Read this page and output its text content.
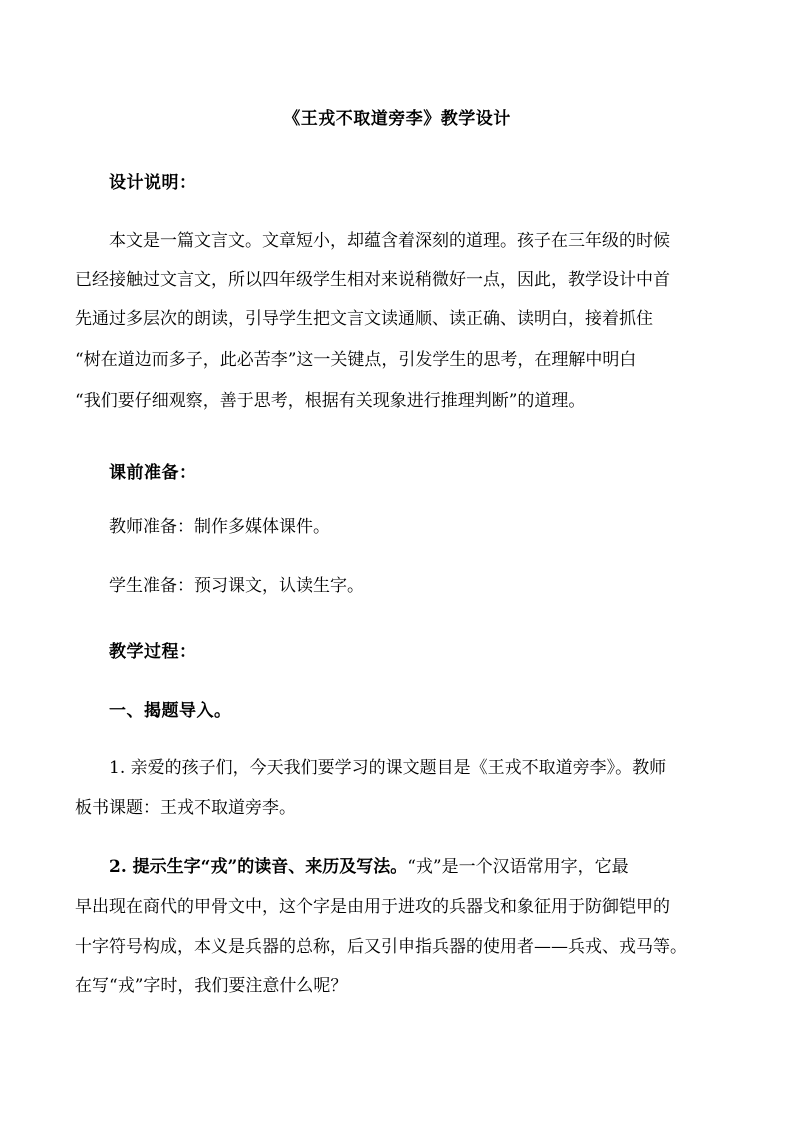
《王戎不取道旁李》教学设计
设计说明：
本文是一篇文言文。文章短小，却蕴含着深刻的道理。孩子在三年级的时候
已经接触过文言文，所以四年级学生相对来说稍微好一点，因此，教学设计中首
先通过多层次的朗读，引导学生把文言文读通顺、读正确、读明白，接着抓住
“树在道边而多子，此必苦李”这一关键点，引发学生的思考，在理解中明白
“我们要仔细观察，善于思考，根据有关现象进行推理判断”的道理。
课前准备：
教师准备：制作多媒体课件。
学生准备：预习课文，认读生字。
教学过程：
一、揭题导入。
1. 亲爱的孩子们，今天我们要学习的课文题目是《王戎不取道旁李》。教师
板书课题：王戎不取道旁李。
2. 提示生字“戎”的读音、来历及写法。“戎”是一个汉语常用字，它最
早出现在商代的甲骨文中，这个字是由用于进攻的兵器戈和象征用于防御铠甲的
十字符号构成，本义是兵器的总称，后又引申指兵器的使用者——兵戎、戎马等。
在写“戎”字时，我们要注意什么呢？
